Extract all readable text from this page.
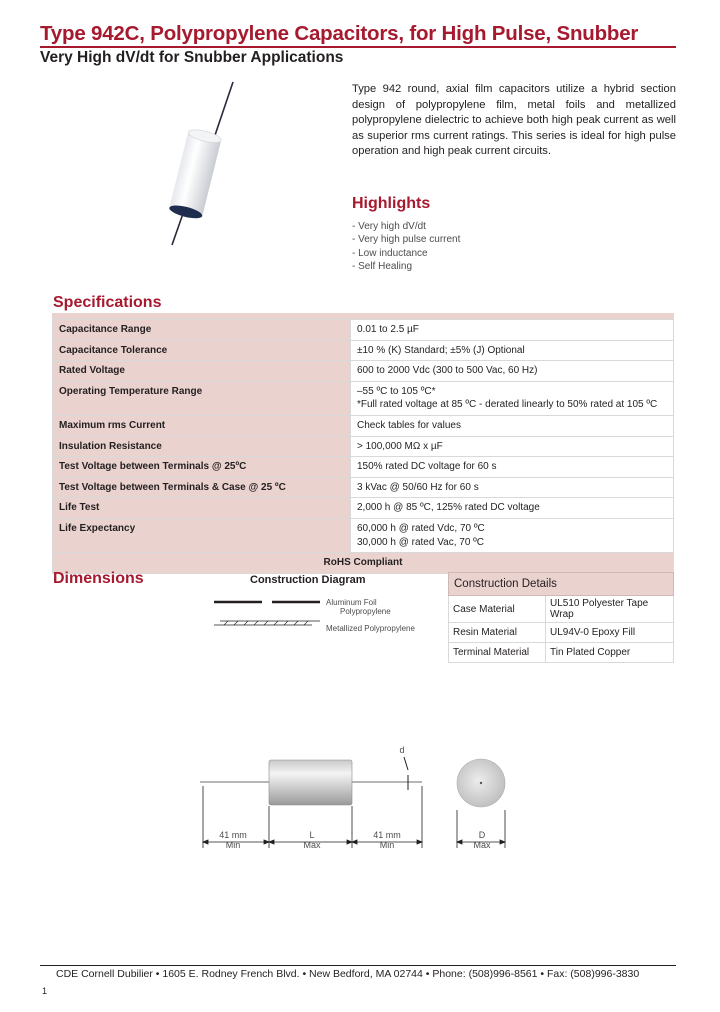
Type 942C, Polypropylene Capacitors, for High Pulse, Snubber
Very High dV/dt for Snubber Applications
Type 942 round, axial film capacitors utilize a hybrid section design of polypropylene film, metal foils and metallized polypropylene dielectric to achieve both high peak current as well as superior rms current ratings. This series is ideal for high pulse operation and high peak current circuits.
Highlights
- Very high dV/dt
- Very high pulse current
- Low inductance
- Self Healing
Specifications
Capacitance Range	0.01 to 2.5 µF
Capacitance Tolerance	±10 % (K) Standard; ±5% (J) Optional
Rated Voltage	600 to 2000 Vdc (300 to 500 Vac, 60 Hz)
Operating Temperature Range	–55 ºC to 105 ºC*
*Full rated voltage at 85 ºC - derated linearly to 50% rated at 105 ºC

Maximum rms Current	Check tables for values
Insulation Resistance	> 100,000 MΩ x µF
Test Voltage between Terminals @ 25ºC	150% rated DC voltage for 60 s
Test Voltage between Terminals & Case @ 25 ºC	3 kVac @ 50/60 Hz for 60 s
Life Test	2,000 h @ 85 ºC, 125% rated DC voltage
Life Expectancy	60,000 h @ rated Vdc, 70 ºC
30,000 h @ rated Vac, 70 ºC

RoHS Compliant	
Dimensions	Construction Diagram
Aluminum Foil
Polypropylene
Metallized Polypropylene
Construction Details	
Case Material	UL510 Polyester Tape Wrap
Resin Material	UL94V-0 Epoxy Fill
Terminal Material	Tin Plated Copper
d
41 mm
Min
L
Max
41 mm
Min
D
Max
CDE Cornell Dubilier • 1605 E. Rodney French Blvd. • New Bedford, MA 02744 • Phone: (508)996-8561 • Fax: (508)996-3830
1
